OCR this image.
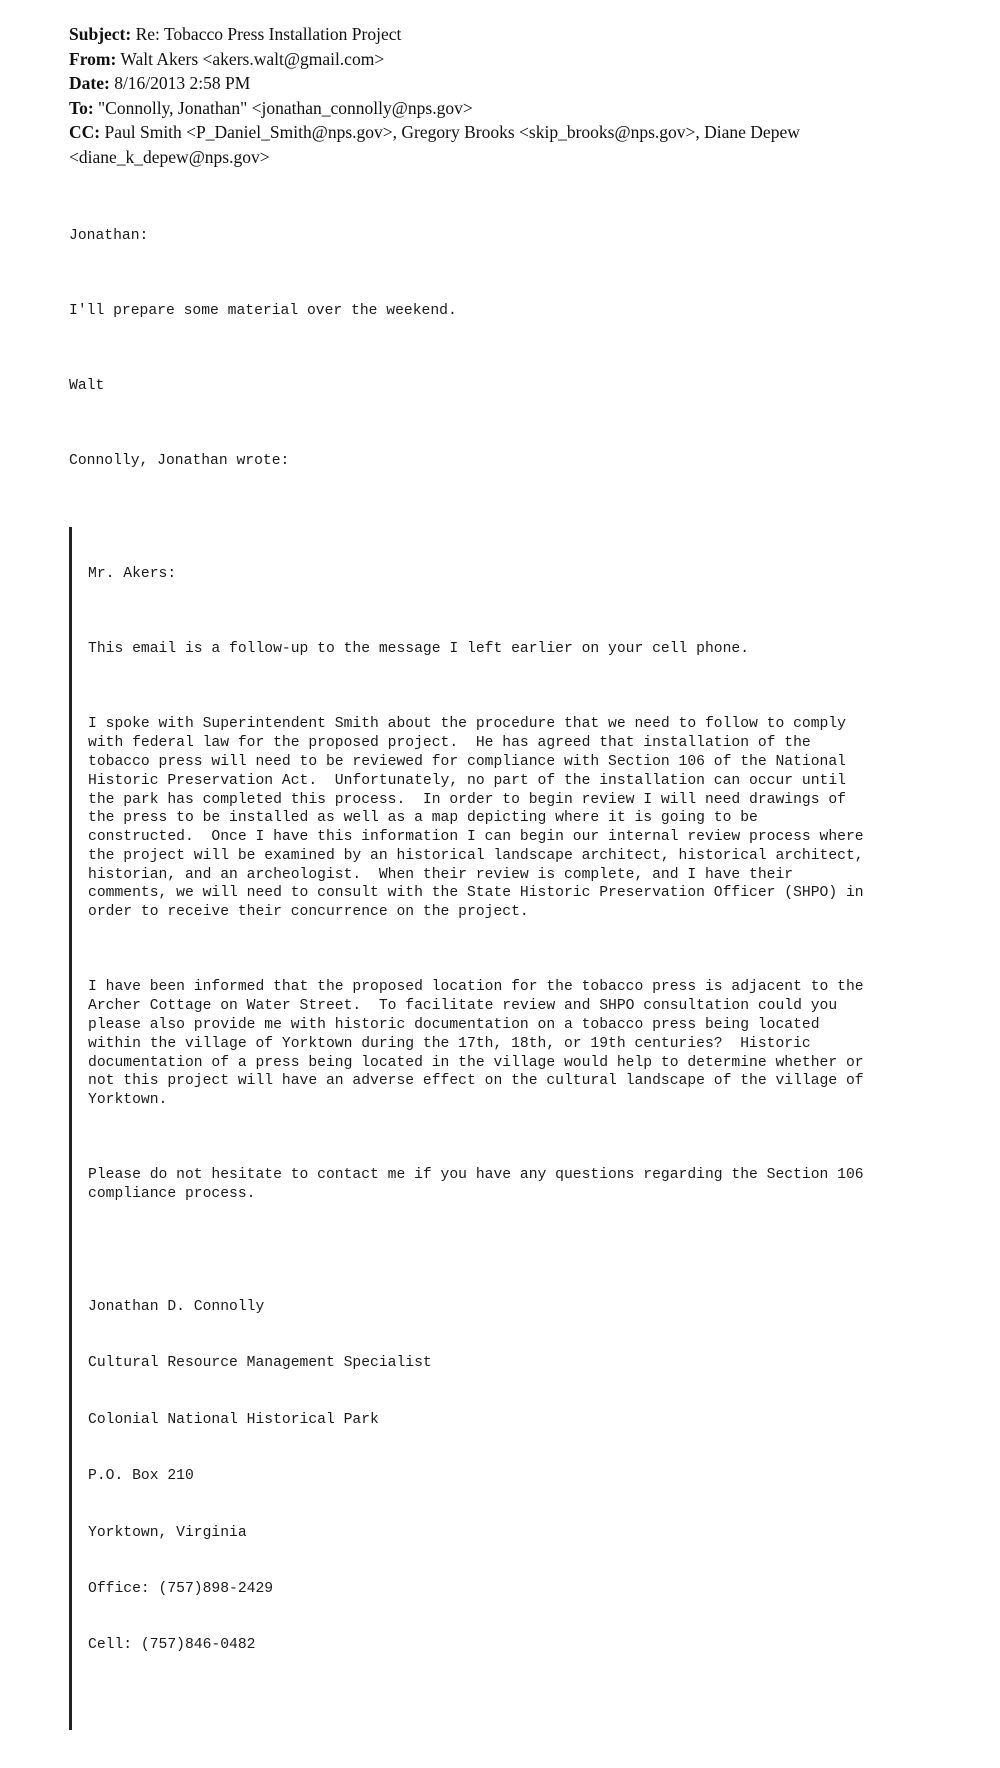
Subject: Re: Tobacco Press Installation Project
From: Walt Akers <akers.walt@gmail.com>
Date: 8/16/2013 2:58 PM
To: "Connolly, Jonathan" <jonathan_connolly@nps.gov>
CC: Paul Smith <P_Daniel_Smith@nps.gov>, Gregory Brooks <skip_brooks@nps.gov>, Diane Depew <diane_k_depew@nps.gov>

Jonathan:

I'll prepare some material over the weekend.

Walt

Connolly, Jonathan wrote:

Mr. Akers:

This email is a follow-up to the message I left earlier on your cell phone.

I spoke with Superintendent Smith about the procedure that we need to follow to comply
with federal law for the proposed project.  He has agreed that installation of the
tobacco press will need to be reviewed for compliance with Section 106 of the National
Historic Preservation Act.  Unfortunately, no part of the installation can occur until
the park has completed this process.  In order to begin review I will need drawings of
the press to be installed as well as a map depicting where it is going to be
constructed.  Once I have this information I can begin our internal review process where
the project will be examined by an historical landscape architect, historical architect,
historian, and an archeologist.  When their review is complete, and I have their
comments, we will need to consult with the State Historic Preservation Officer (SHPO) in
order to receive their concurrence on the project.

I have been informed that the proposed location for the tobacco press is adjacent to the
Archer Cottage on Water Street.  To facilitate review and SHPO consultation could you
please also provide me with historic documentation on a tobacco press being located
within the village of Yorktown during the 17th, 18th, or 19th centuries?  Historic
documentation of a press being located in the village would help to determine whether or
not this project will have an adverse effect on the cultural landscape of the village of
Yorktown.

Please do not hesitate to contact me if you have any questions regarding the Section 106
compliance process.

Jonathan D. Connolly

Cultural Resource Management Specialist

Colonial National Historical Park

P.O. Box 210

Yorktown, Virginia

Office: (757)898-2429

Cell: (757)846-0482
